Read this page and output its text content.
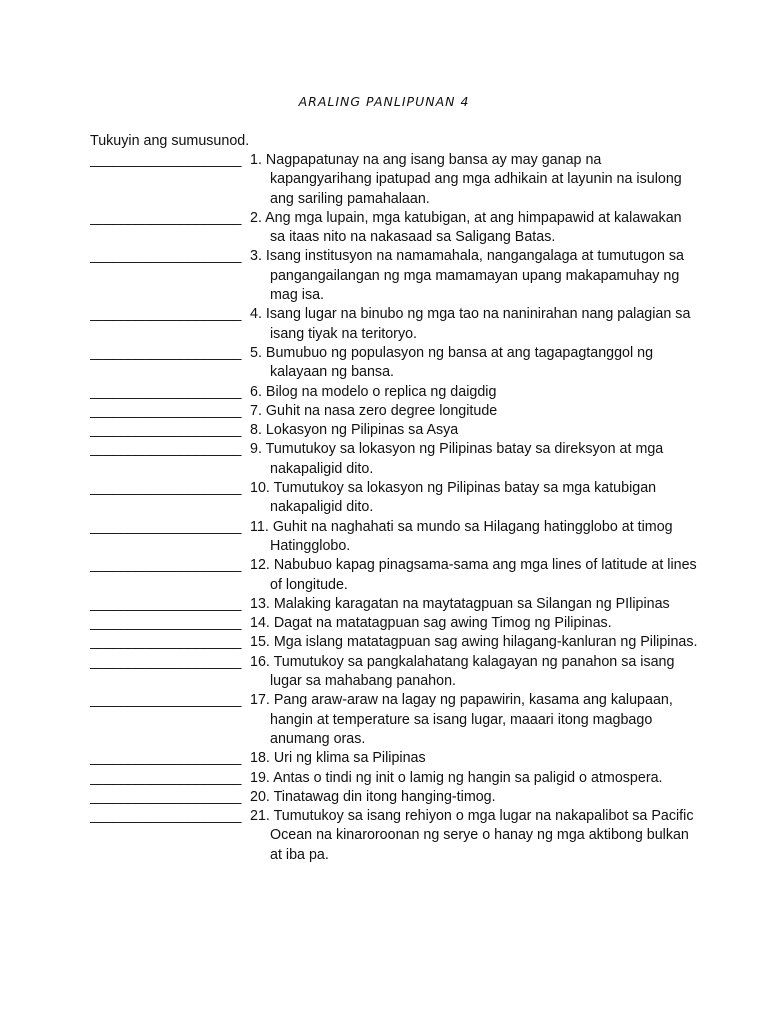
ARALING PANLIPUNAN 4
Tukuyin ang sumusunod.
____________________ 1. Nagpapatunay na ang isang bansa ay may ganap na kapangyarihang ipatupad ang mga adhikain at layunin na isulong ang sariling pamahalaan.
____________________ 2. Ang mga lupain, mga katubigan, at ang himpapawid at kalawakan sa itaas nito na nakasaad sa Saligang Batas.
____________________ 3. Isang institusyon na namamahala, nangangalaga at tumutugon sa pangangailangan ng mga mamamayan upang makapamuhay ng mag isa.
____________________ 4. Isang lugar na binubo ng mga tao na naninirahan nang palagian sa isang tiyak na teritoryo.
____________________ 5. Bumubuo ng populasyon ng bansa at ang tagapagtanggol ng kalayaan ng bansa.
____________________ 6. Bilog na modelo o replica ng daigdig
____________________ 7. Guhit na nasa zero degree longitude
____________________ 8. Lokasyon ng Pilipinas sa Asya
____________________ 9. Tumutukoy sa lokasyon ng Pilipinas batay sa direksyon at mga nakapaligid dito.
____________________ 10. Tumutukoy sa lokasyon ng Pilipinas batay sa mga katubigan nakapaligid dito.
____________________ 11. Guhit na naghahati sa mundo sa Hilagang hatingglobo at timog Hatingglobo.
____________________ 12. Nabubuo kapag pinagsama-sama ang mga lines of latitude at lines of longitude.
____________________ 13. Malaking karagatan na maytatagpuan sa Silangan ng PIlipinas
____________________ 14. Dagat na matatagpuan sag awing Timog ng Pilipinas.
____________________ 15. Mga islang matatagpuan sag awing hilagang-kanluran ng Pilipinas.
____________________ 16. Tumutukoy sa pangkalahatang kalagayan ng panahon sa isang lugar sa mahabang panahon.
____________________ 17. Pang araw-araw na lagay ng papawirin, kasama ang kalupaan, hangin at temperature sa isang lugar, maaari itong magbago anumang oras.
____________________ 18. Uri ng klima sa Pilipinas
____________________ 19. Antas o tindi ng init o lamig ng hangin sa paligid o atmospera.
____________________ 20. Tinatawag din itong hanging-timog.
____________________ 21. Tumutukoy sa isang rehiyon o mga lugar na nakapalibot sa Pacific Ocean na kinaroroonan ng serye o hanay ng mga aktibong bulkan at iba pa.
